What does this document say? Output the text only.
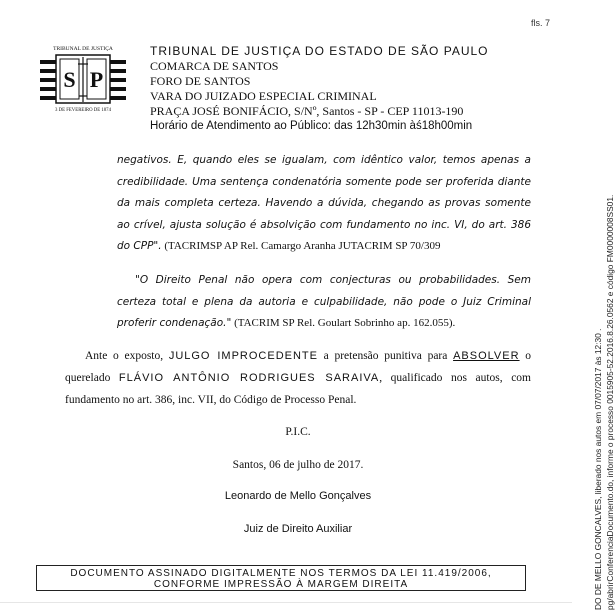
fls. 7
TRIBUNAL DE JUSTIÇA
S P
3 DE FEVEREIRO DE 1874
TRIBUNAL DE JUSTIÇA DO ESTADO DE SÃO PAULO
COMARCA DE SANTOS
FORO DE SANTOS
VARA DO JUIZADO ESPECIAL CRIMINAL
PRAÇA JOSÉ BONIFÁCIO, S/Nº, Santos - SP - CEP 11013-190
Horário de Atendimento ao Público: das 12h30min àś18h00min
negativos. E, quando eles se igualam, com idêntico valor, temos apenas a credibilidade. Uma sentença condenatória somente pode ser proferida diante da mais completa certeza. Havendo a dúvida, chegando as provas somente ao crível, ajusta solução é absolvição com fundamento no inc. VI, do art. 386 do CPP". (TACRIMSP AP Rel. Camargo Aranha JUTACRIM SP 70/309
"O Direito Penal não opera com conjecturas ou probabilidades. Sem certeza total e plena da autoria e culpabilidade, não pode o Juiz Criminal proferir condenação." (TACRIM SP Rel. Goulart Sobrinho ap. 162.055).
Ante o exposto, JULGO IMPROCEDENTE a pretensão punitiva para ABSOLVER o querelado FLÁVIO ANTÔNIO RODRIGUES SARAIVA, qualificado nos autos, com fundamento no art. 386, inc. VII, do Código de Processo Penal.
P.I.C.
Santos, 06 de julho de 2017.
Leonardo de Mello Gonçalves
Juiz de Direito Auxiliar
DOCUMENTO ASSINADO DIGITALMENTE NOS TERMOS DA LEI 11.419/2006,
CONFORME IMPRESSÃO À MARGEM DIREITA	DO DE MELLO GONCALVES, liberado nos autos em 07/07/2017 às 12:30 . pg/abrirConferenciaDocumento.do, informe o processo 0015905-52.2016.8.26.0562 e código FM0000008SS01.
